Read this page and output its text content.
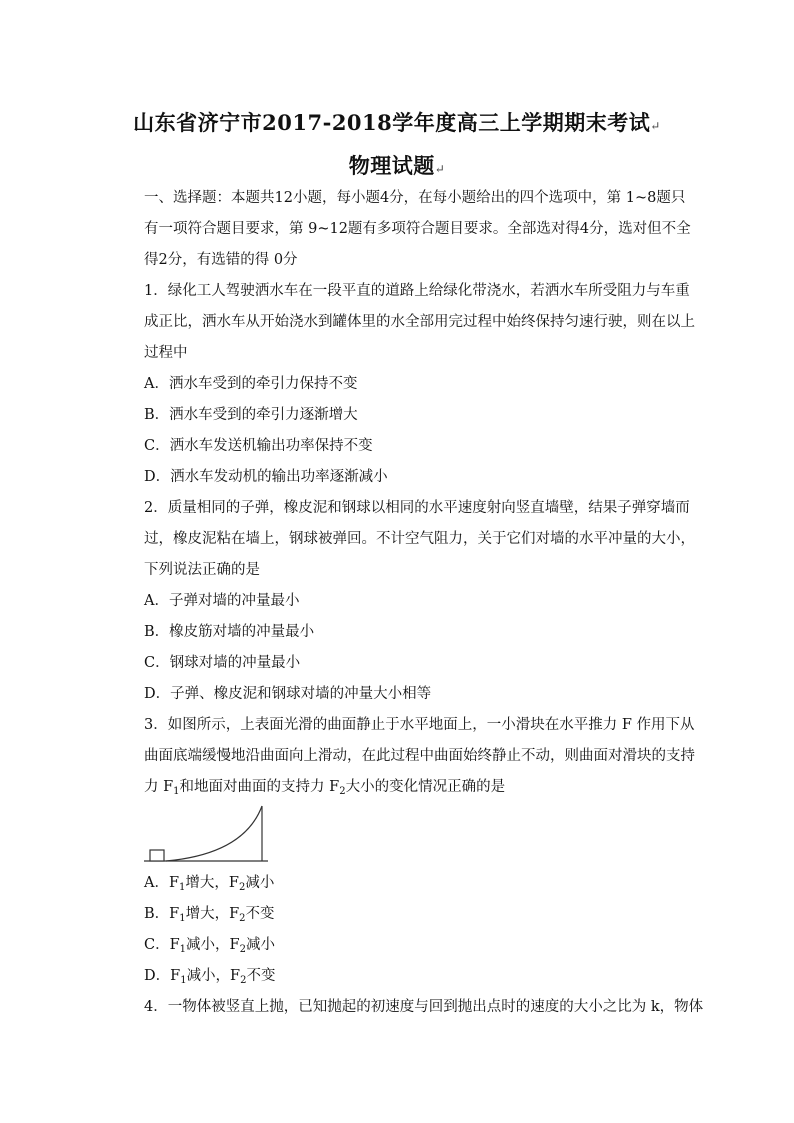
山东省济宁市2017-2018学年度高三上学期期末考试↵
物理试题↵
一、选择题：本题共12小题，每小题4分，在每小题给出的四个选项中，第 1~8题只
有一项符合题目要求，第 9~12题有多项符合题目要求。全部选对得4分，选对但不全
得2分，有选错的得 0分
1．绿化工人驾驶洒水车在一段平直的道路上给绿化带浇水，若洒水车所受阻力与车重
成正比，洒水车从开始浇水到罐体里的水全部用完过程中始终保持匀速行驶，则在以上
过程中
A．洒水车受到的牵引力保持不变
B．洒水车受到的牵引力逐渐增大
C．洒水车发送机输出功率保持不变
D．洒水车发动机的输出功率逐渐减小
2．质量相同的子弹，橡皮泥和钢球以相同的水平速度射向竖直墙壁，结果子弹穿墙而
过，橡皮泥粘在墙上，钢球被弹回。不计空气阻力，关于它们对墙的水平冲量的大小，
下列说法正确的是
A．子弹对墙的冲量最小
B．橡皮筋对墙的冲量最小
C．钢球对墙的冲量最小
D．子弹、橡皮泥和钢球对墙的冲量大小相等
3．如图所示，上表面光滑的曲面静止于水平地面上，一小滑块在水平推力 F 作用下从
曲面底端缓慢地沿曲面向上滑动，在此过程中曲面始终静止不动，则曲面对滑块的支持
力 $F_1$和地面对曲面的支持力 $F_2$大小的变化情况正确的是
A．$F_1$增大，$F_2$减小
B．$F_1$增大，$F_2$不变
C．$F_1$减小，$F_2$减小
D．$F_1$减小，$F_2$不变
4．一物体被竖直上抛，已知抛起的初速度与回到抛出点时的速度的大小之比为 k，物体
